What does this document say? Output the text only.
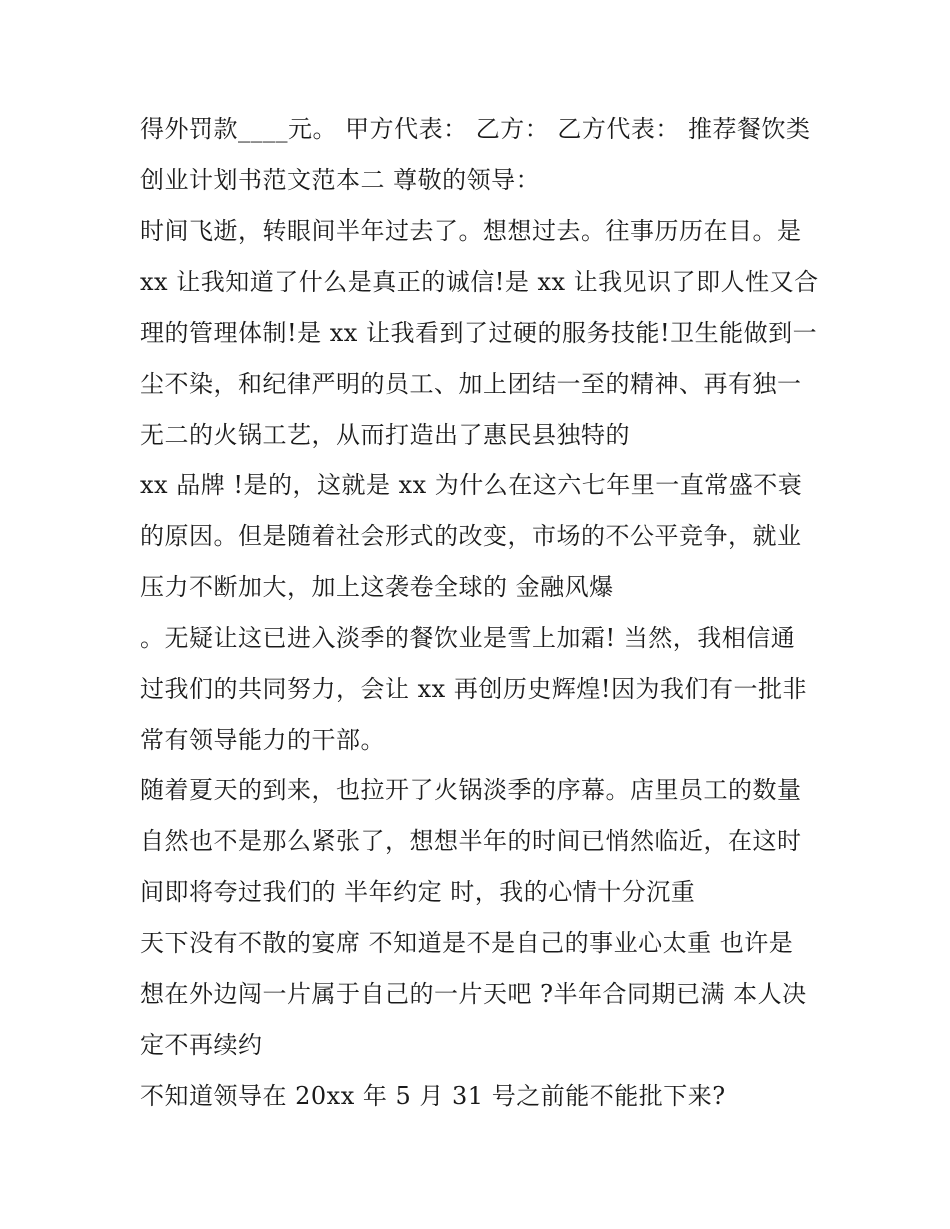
得外罚款____元。 甲方代表： 乙方： 乙方代表： 推荐餐饮类
创业计划书范文范本二 尊敬的领导：
时间飞逝，转眼间半年过去了。想想过去。往事历历在目。是
xx 让我知道了什么是真正的诚信!是 xx 让我见识了即人性又合
理的管理体制!是 xx 让我看到了过硬的服务技能!卫生能做到一
尘不染，和纪律严明的员工、加上团结一至的精神、再有独一
无二的火锅工艺，从而打造出了惠民县独特的
xx 品牌 !是的，这就是 xx 为什么在这六七年里一直常盛不衰
的原因。但是随着社会形式的改变，市场的不公平竞争，就业
压力不断加大，加上这袭卷全球的 金融风爆
。无疑让这已进入淡季的餐饮业是雪上加霜! 当然，我相信通
过我们的共同努力，会让 xx 再创历史辉煌!因为我们有一批非
常有领导能力的干部。
随着夏天的到来，也拉开了火锅淡季的序幕。店里员工的数量
自然也不是那么紧张了，想想半年的时间已悄然临近，在这时
间即将夸过我们的 半年约定 时，我的心情十分沉重
天下没有不散的宴席 不知道是不是自己的事业心太重 也许是
想在外边闯一片属于自己的一片天吧 ?半年合同期已满 本人决
定不再续约
不知道领导在 20xx 年 5 月 31 号之前能不能批下来?
